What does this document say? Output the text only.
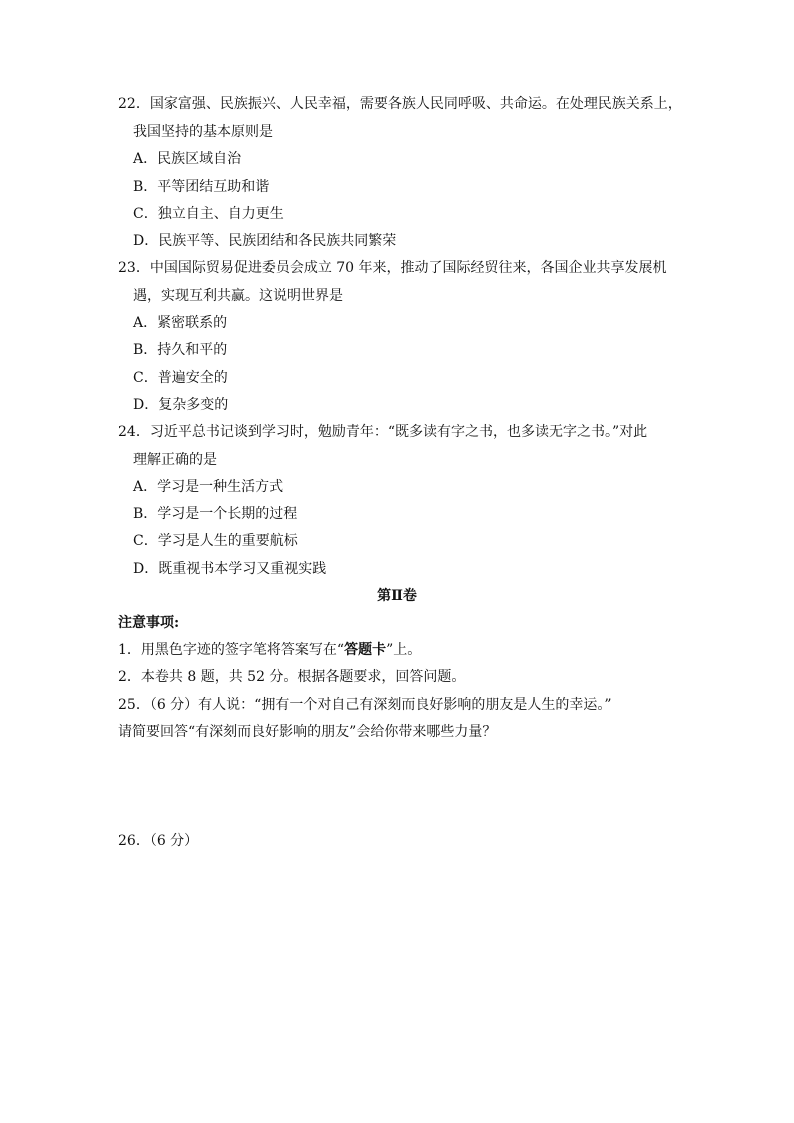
22．国家富强、民族振兴、人民幸福，需要各族人民同呼吸、共命运。在处理民族关系上，
我国坚持的基本原则是
A．民族区域自治
B．平等团结互助和谐
C．独立自主、自力更生
D．民族平等、民族团结和各民族共同繁荣
23．中国国际贸易促进委员会成立 70 年来，推动了国际经贸往来，各国企业共享发展机
遇，实现互利共赢。这说明世界是
A．紧密联系的
B．持久和平的
C．普遍安全的
D．复杂多变的
24．习近平总书记谈到学习时，勉励青年：“既多读有字之书，也多读无字之书。”对此
理解正确的是
A．学习是一种生活方式
B．学习是一个长期的过程
C．学习是人生的重要航标
D．既重视书本学习又重视实践
第Ⅱ卷
注意事项:
1．用黑色字迹的签字笔将答案写在“答题卡”上。
2．本卷共 8 题，共 52 分。根据各题要求，回答问题。
25．（6 分）有人说：“拥有一个对自己有深刻而良好影响的朋友是人生的幸运。”
请简要回答“有深刻而良好影响的朋友”会给你带来哪些力量？
26．（6 分）
